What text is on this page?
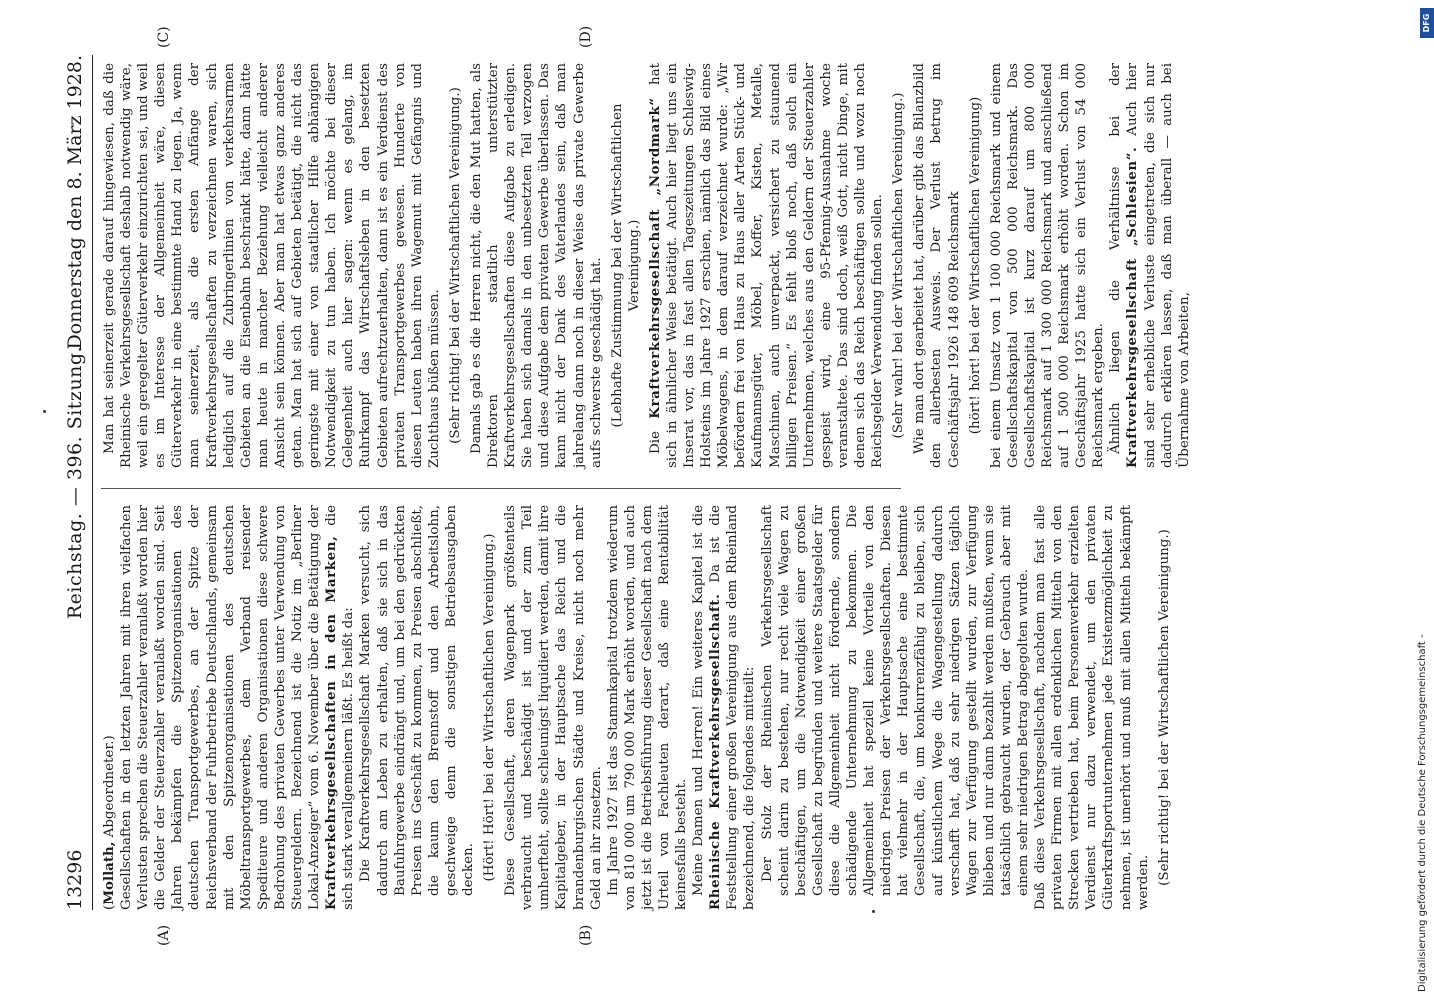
13296
Reichstag. — 396. Sitzung.
Donnerstag den 8. März 1928.

(Mollath, Abgeordneter.) Gesellschaften in den letzten Jahren mit ihren vielfachen Verlusten sprechen die Steuerzahler veranlaßt worden hier die Gelder der Steuerzahler veranlaßt worden sind. Seit Jahren bekämpfen die Spitzenorganisationen des deutschen Transportgewerbes, an der Spitze der Reichsverband der Fuhrbetriebe Deutschlands, gemeinsam mit den Spitzenorganisationen des deutschen Möbeltransportgewerbes, dem Verband reisender Spediteure und anderen Organisationen diese schwere Bedrohung des privaten Gewerbes unter Verwendung von Steuergeldern. Bezeichnend ist die Notiz im „Berliner Lokal-Anzeiger“ vom 6. November über die Betätigung der Kraftverkehrsgesellschaften in den Marken, die sich stark verallgemeinern läßt. Es heißt da: Die Kraftverkehrsgesellschaft Marken versucht, sich dadurch am Leben zu erhalten, daß sie sich in das Baufuhrgewerbe eindrängt und, um bei den gedrückten Preisen ins Geschäft zu kommen, zu Preisen abschließt, die kaum den Brennstoff und den Arbeitslohn, geschweige denn die sonstigen Betriebsausgaben decken. (Hört! Hört! bei der Wirtschaftlichen Vereinigung.) Diese Gesellschaft, deren Wagenpark größtenteils verbraucht und beschädigt ist und der zum Teil umherfteht, sollte schleunigst liquidiert werden, damit ihre Kapitalgeber, in der Hauptsache das Reich und die brandenburgischen Städte und Kreise, nicht noch mehr Geld an ihr zusetzen. Im Jahre 1927 ist das Stammkapital trotzdem wiederum von 810 000 um 790 000 Mark erhöht worden, und auch jetzt ist die Betriebsführung dieser Gesellschaft nach dem Urteil von Fachleuten derart, daß eine Rentabilität keinesfalls besteht. Meine Damen und Herren! Ein weiteres Kapitel ist die Rheinische Kraftverkehrsgesellschaft. Da ist die Feststellung einer großen Vereinigung aus dem Rheinland bezeichnend, die folgendes mitteilt: Der Stolz der Rheinischen Verkehrsgesellschaft scheint darin zu bestehen, nur recht viele Wagen zu beschäftigen, um die Notwendigkeit einer großen Gesellschaft zu begründen und weitere Staatsgelder für diese die Allgemeinheit nicht fördernde, sondern schädigende Unternehmung zu bekommen. Die Allgemeinheit hat speziell keine Vorteile von den niedrigen Preisen der Verkehrsgesellschaften. Diesen hat vielmehr in der Hauptsache eine bestimmte Gesellschaft, die, um konkurrenzfähig zu bleiben, sich auf künstlichem Wege die Wagengestellung dadurch verschafft hat, daß zu sehr niedrigen Sätzen täglich Wagen zur Verfügung gestellt wurden, zur Verfügung blieben und nur dann bezahlt werden mußten, wenn sie tatsächlich gebraucht wurden, der Gebrauch aber mit einem sehr niedrigen Betrag abgegolten wurde. Daß diese Verkehrsgesellschaft, nachdem man fast alle privaten Firmen mit allen erdenklichen Mitteln von den Strecken vertrieben hat, beim Personenverkehr erzielten Verdienst nur dazu verwendet, um den privaten Güterkraftsportunternehmen jede Existenzmöglichkeit zu nehmen, ist unerhört und muß mit allen Mitteln bekämpft werden. (Sehr richtig! bei der Wirtschaftlichen Vereinigung.)

Man hat seinerzeit gerade darauf hingewiesen, daß die Rheinische Verkehrsgesellschaft deshalb notwendig wäre, weil ein geregelter Güterverkehr einzurichten sei, und weil es im Interesse der Allgemeinheit wäre, diesen Güterverkehr in eine bestimmte Hand zu legen. Ja, wenn man seinerzeit, als die ersten Anfänge der Kraftverkehrsgesellschaften zu verzeichnen waren, sich lediglich auf die Zubringerlinien von verkehrsarmen Gebieten an die Eisenbahn beschränkt hätte, dann hätte man heute in mancher Beziehung vielleicht anderer Ansicht sein können. Aber man hat etwas ganz anderes getan. Man hat sich auf Gebieten betätigt, die nicht das geringste mit einer von staatlicher Hilfe abhängigen Notwendigkeit zu tun haben. Ich möchte bei dieser Gelegenheit auch hier sagen: wenn es gelang, im Ruhrkampf das Wirtschaftsleben in den besetzten Gebieten aufrechtzuerhalten, dann ist es ein Verdienst des privaten Transportgewerbes gewesen. Hunderte von diesen Leuten haben ihren Wagemut mit Gefängnis und Zuchthaus büßen müssen. (Sehr richtig! bei der Wirtschaftlichen Vereinigung.) Damals gab es die Herren nicht, die den Mut hatten, als Direktoren staatlich unterstützter Kraftverkehrsgesellschaften diese Aufgabe zu erledigen. Sie haben sich damals in den unbesetzten Teil verzogen und diese Aufgabe dem privaten Gewerbe überlassen. Das kann nicht der Dank des Vaterlandes sein, daß man jahrelang dann noch in dieser Weise das private Gewerbe aufs schwerste geschädigt hat. (Lebhafte Zustimmung bei der Wirtschaftlichen Vereinigung.)

Die Kraftverkehrsgesellschaft „Nordmark“ hat sich in ähnlicher Weise betätigt. Auch hier liegt uns ein Inserat vor, das in fast allen Tageszeitungen Schleswig-Holsteins im Jahre 1927 erschien, nämlich das Bild eines Möbelwagens, in dem darauf verzeichnet wurde: „Wir befördern frei von Haus zu Haus aller Arten Stück- und Kaufmannsgüter, Möbel, Koffer, Kisten, Metalle, Maschinen, auch unverpackt, versichert zu staunend billigen Preisen.“ Es fehlt bloß noch, daß solch ein Unternehmen, welches aus den Geldern der Steuerzahler gespeist wird, eine 95-Pfennig-Ausnahme woche veranstaltete. Das sind doch, weiß Gott, nicht Dinge, mit denen sich das Reich beschäftigen sollte und wozu noch Reichsgelder Verwendung finden sollen. (Sehr wahr! bei der Wirtschaftlichen Vereinigung.) Wie man dort gearbeitet hat, darüber gibt das Bilanzbild den allerbesten Ausweis. Der Verlust betrug im Geschäftsjahr 1926 148 609 Reichsmark (hört! hört! bei der Wirtschaftlichen Vereinigung) bei einem Umsatz von 1 100 000 Reichsmark und einem Gesellschaftskapital von 500 000 Reichsmark. Das Gesellschaftskapital ist kurz darauf um 800 000 Reichsmark auf 1 300 000 Reichsmark und anschließend auf 1 500 000 Reichsmark erhöht worden. Schon im Geschäftsjahr 1925 hatte sich ein Verlust von 54 000 Reichsmark ergeben. Ähnlich liegen die Verhältnisse bei der Kraftverkehrsgesellschaft „Schlesien“. Auch hier sind sehr erhebliche Verluste eingetreten, die sich nur dadurch erklären lassen, daß man überall — auch bei Übernahme von Arbeiten,

(A)	(B)
(C)	(D)
Digitalisierung gefördert durch die Deutsche Forschungsgemeinschaft -
DFG
